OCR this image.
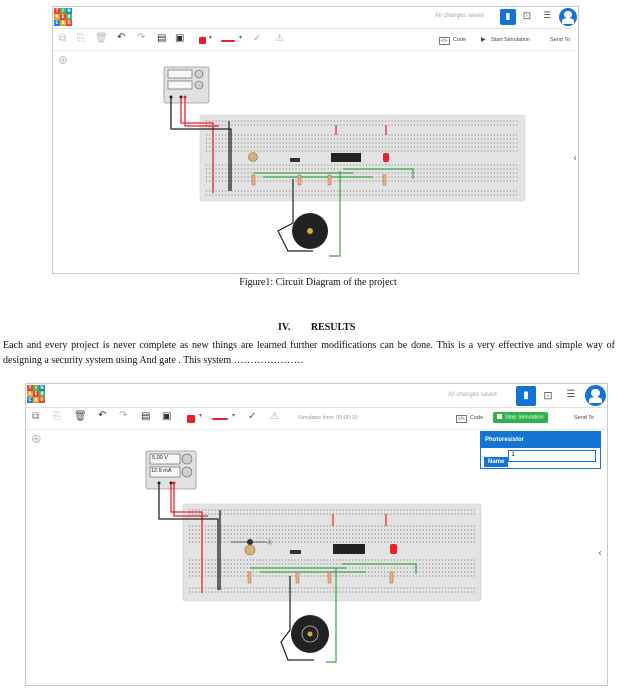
T I N
K E R
C A D
All changes saved	▮	⊡	☰
⧉ ⎘ 🗑 ↶ ↷ ▤ ▣	▾	▾ ✓ ⚠	</> Code ▶ Start Simulation	Send To
⊕
‹
Figure1: Circuit Diagram of the project
IV. RESULTS
Each and every project is never complete as new things are learned further modifications can be done. This is a very effective and simple way of designing a security system using And gate . This system …………………
T I N
K E R
C A D
All changes saved	▮	⊡ ☰
⧉ ⎘ 🗑 ↶ ↷ ▤ ▣	▾	▾ ✓ ⚠	Simulator time: 00:00:10	</> Code	Stop Simulation	Send To
⊕
‹
☼
5.00 V
12.9 mA
Photoresistor
Name1
